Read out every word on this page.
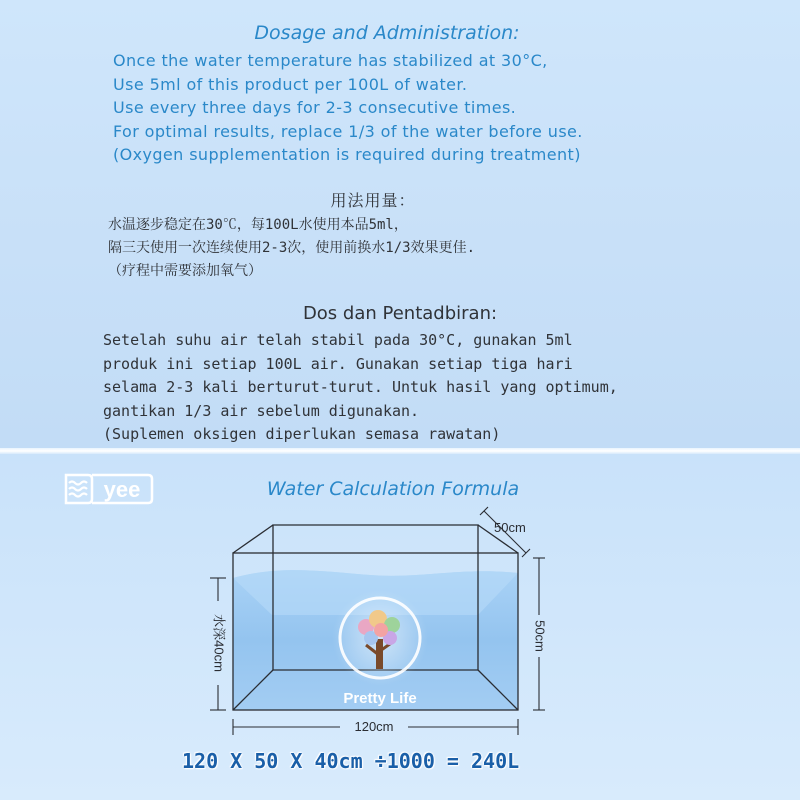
Dosage and Administration:
Once the water temperature has stabilized at 30°C,
Use 5ml of this product per 100L of water.
Use every three days for 2-3 consecutive times.
For optimal results, replace 1/3 of the water before use.
(Oxygen supplementation is required during treatment)
用法用量：
水温逐步稳定在30℃，每100L水使用本品5ml，
隔三天使用一次连续使用2-3次，使用前换水1/3效果更佳.
（疗程中需要添加氧气）
Dos dan Pentadbiran:
Setelah suhu air telah stabil pada 30°C, gunakan 5ml
produk ini setiap 100L air. Gunakan setiap tiga hari
selama 2-3 kali berturut-turut. Untuk hasil yang optimum,
gantikan 1/3 air sebelum digunakan.
(Suplemen oksigen diperlukan semasa rawatan)
yee	Water Calculation Formula
50cm
50cm
水深40cm
120cm
Pretty Life
120 X 50 X 40cm ÷1000 = 240L
